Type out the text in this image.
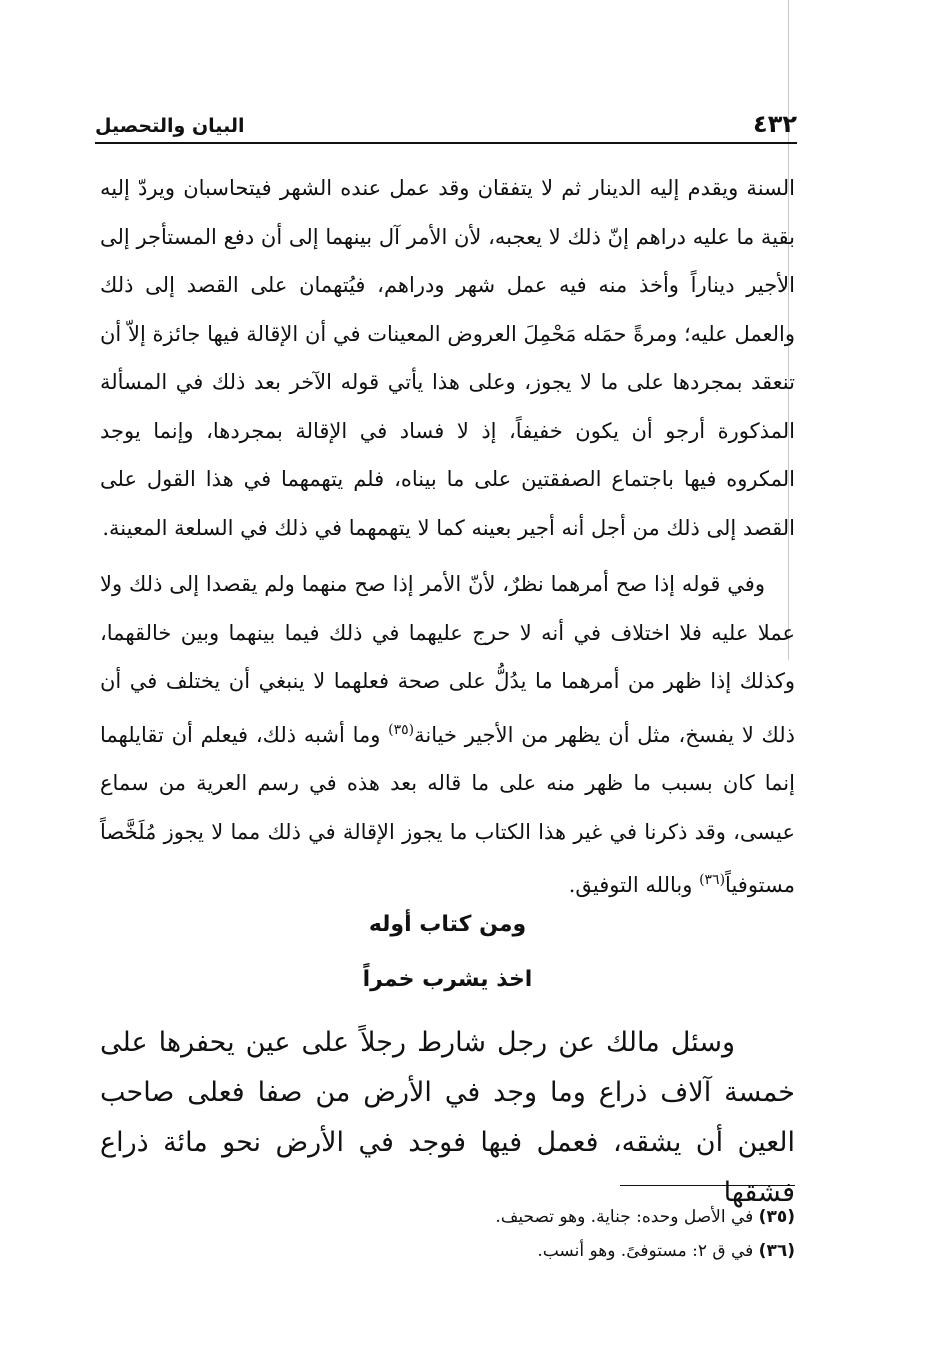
٤٣٢
البيان والتحصيل

السنة ويقدم إليه الدينار ثم لا يتفقان وقد عمل عنده الشهر فيتحاسبان ويردّ إليه بقية ما عليه دراهم إنّ ذلك لا يعجبه، لأن الأمر آل بينهما إلى أن دفع المستأجر إلى الأجير ديناراً وأخذ منه فيه عمل شهر ودراهم، فيُتهمان على القصد إلى ذلك والعمل عليه؛ ومرةً حمَله مَحْمِلَ العروض المعينات في أن الإقالة فيها جائزة إلاّ أن تنعقد بمجردها على ما لا يجوز، وعلى هذا يأتي قوله الآخر بعد ذلك في المسألة المذكورة أرجو أن يكون خفيفاً، إذ لا فساد في الإقالة بمجردها، وإنما يوجد المكروه فيها باجتماع الصفقتين على ما بيناه، فلم يتهمهما في هذا القول على القصد إلى ذلك من أجل أنه أجير بعينه كما لا يتهمهما في ذلك في السلعة المعينة.

وفي قوله إذا صح أمرهما نظرٌ، لأنّ الأمر إذا صح منهما ولم يقصدا إلى ذلك ولا عملا عليه فلا اختلاف في أنه لا حرج عليهما في ذلك فيما بينهما وبين خالقهما، وكذلك إذا ظهر من أمرهما ما يدُلُّ على صحة فعلهما لا ينبغي أن يختلف في أن ذلك لا يفسخ، مثل أن يظهر من الأجير خيانة$^{(٣٥)}$ وما أشبه ذلك، فيعلم أن تقايلهما إنما كان بسبب ما ظهر منه على ما قاله بعد هذه في رسم العرية من سماع عيسى، وقد ذكرنا في غير هذا الكتاب ما يجوز الإقالة في ذلك مما لا يجوز مُلَخَّصاً مستوفياً$^{(٣٦)}$ وبالله التوفيق.

ومن كتاب أوله
اخذ يشرب خمراً

وسئل مالك عن رجل شارط رجلاً على عين يحفرها على خمسة آلاف ذراع وما وجد في الأرض من صفا فعلى صاحب العين أن يشقه، فعمل فيها فوجد في الأرض نحو مائة ذراع فشقها

(٣٥) في الأصل وحده: جناية. وهو تصحيف.

(٣٦) في ق ٢: مستوفىً. وهو أنسب.
